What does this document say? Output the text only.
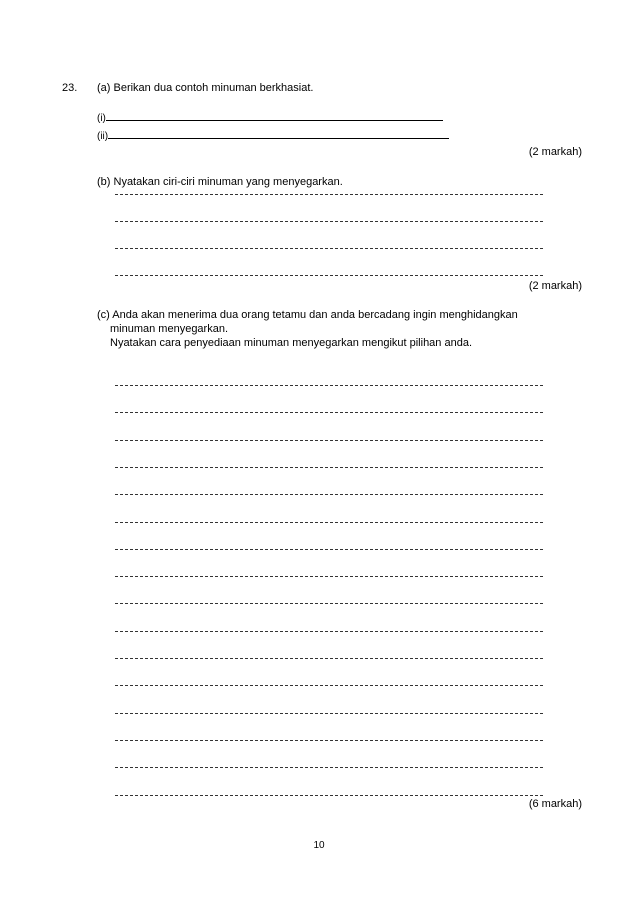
23. (a) Berikan dua contoh minuman berkhasiat.
(i)
(ii)
(2 markah)
(b) Nyatakan ciri-ciri minuman yang menyegarkan.
(2 markah)
(c) Anda akan menerima dua orang tetamu dan anda bercadang ingin menghidangkan
minuman menyegarkan.
Nyatakan cara penyediaan minuman menyegarkan mengikut pilihan anda.
(6 markah)
10
